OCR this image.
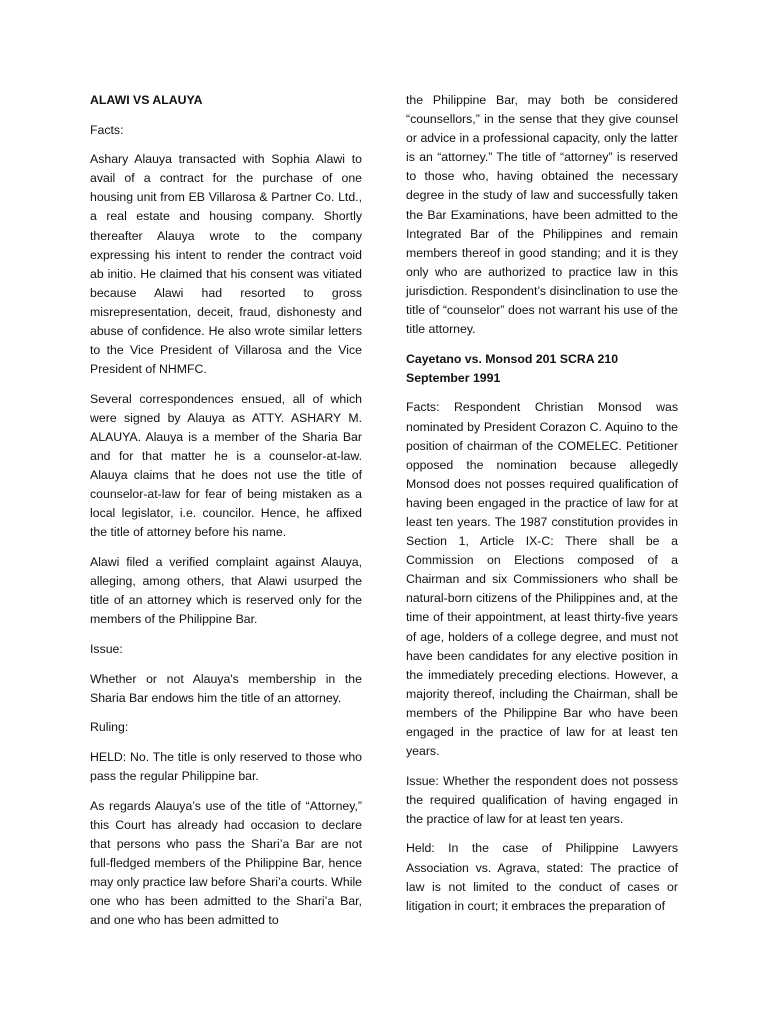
ALAWI VS ALAUYA

Facts:

Ashary Alauya transacted with Sophia Alawi to avail of a contract for the purchase of one housing unit from EB Villarosa & Partner Co. Ltd., a real estate and housing company. Shortly thereafter Alauya wrote to the company expressing his intent to render the contract void ab initio. He claimed that his consent was vitiated because Alawi had resorted to gross misrepresentation, deceit, fraud, dishonesty and abuse of confidence. He also wrote similar letters to the Vice President of Villarosa and the Vice President of NHMFC.

Several correspondences ensued, all of which were signed by Alauya as ATTY. ASHARY M. ALAUYA. Alauya is a member of the Sharia Bar and for that matter he is a counselor-at-law. Alauya claims that he does not use the title of counselor-at-law for fear of being mistaken as a local legislator, i.e. councilor. Hence, he affixed the title of attorney before his name.

Alawi filed a verified complaint against Alauya, alleging, among others, that Alawi usurped the title of an attorney which is reserved only for the members of the Philippine Bar.

Issue:

Whether or not Alauya's membership in the Sharia Bar endows him the title of an attorney.

Ruling:

HELD: No. The title is only reserved to those who pass the regular Philippine bar.

As regards Alauya’s use of the title of “Attorney,” this Court has already had occasion to declare that persons who pass the Shari’a Bar are not full-fledged members of the Philippine Bar, hence may only practice law before Shari’a courts. While one who has been admitted to the Shari’a Bar, and one who has been admitted to

the Philippine Bar, may both be considered “counsellors,” in the sense that they give counsel or advice in a professional capacity, only the latter is an “attorney.” The title of “attorney” is reserved to those who, having obtained the necessary degree in the study of law and successfully taken the Bar Examinations, have been admitted to the Integrated Bar of the Philippines and remain members thereof in good standing; and it is they only who are authorized to practice law in this jurisdiction. Respondent’s disinclination to use the title of “counselor” does not warrant his use of the title attorney.

Cayetano vs. Monsod 201 SCRA 210 September 1991

Facts: Respondent Christian Monsod was nominated by President Corazon C. Aquino to the position of chairman of the COMELEC. Petitioner opposed the nomination because allegedly Monsod does not posses required qualification of having been engaged in the practice of law for at least ten years. The 1987 constitution provides in Section 1, Article IX-C: There shall be a Commission on Elections composed of a Chairman and six Commissioners who shall be natural-born citizens of the Philippines and, at the time of their appointment, at least thirty-five years of age, holders of a college degree, and must not have been candidates for any elective position in the immediately preceding elections. However, a majority thereof, including the Chairman, shall be members of the Philippine Bar who have been engaged in the practice of law for at least ten years.

Issue: Whether the respondent does not possess the required qualification of having engaged in the practice of law for at least ten years.

Held: In the case of Philippine Lawyers Association vs. Agrava, stated: The practice of law is not limited to the conduct of cases or litigation in court; it embraces the preparation of
